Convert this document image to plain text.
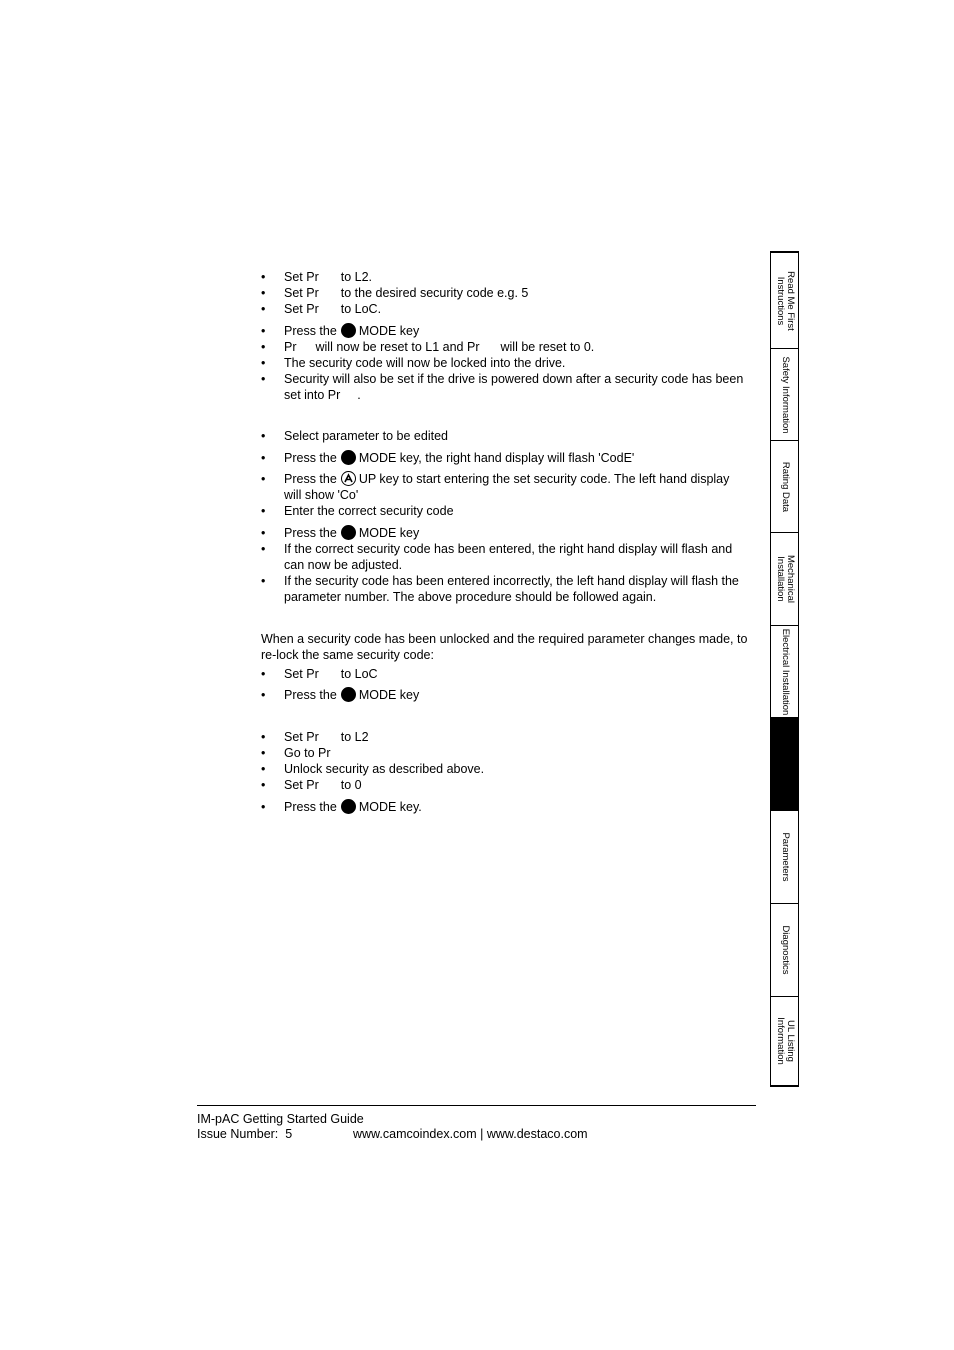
• Set Pr to L2.
• Set Pr to the desired security code e.g. 5
• Set Pr to LoC.
• Press the MODE key
• Pr will now be reset to L1 and Pr will be reset to 0.
• The security code will now be locked into the drive.
• Security will also be set if the drive is powered down after a security code has been
set into Pr .
• Select parameter to be edited
• Press the MODE key, the right hand display will flash 'CodE'
• Press the UP key to start entering the set security code. The left hand display
will show 'Co'
• Enter the correct security code
• Press the MODE key
• If the correct security code has been entered, the right hand display will flash and
can now be adjusted.
• If the security code has been entered incorrectly, the left hand display will flash the
parameter number. The above procedure should be followed again.
When a security code has been unlocked and the required parameter changes made, to
re-lock the same security code:
• Set Pr to LoC
• Press the MODE key
• Set Pr to L2
• Go to Pr
• Unlock security as described above.
• Set Pr to 0
• Press the MODE key.
Read Me First
Instructions
Safety Information
Rating Data
Mechanical
Installation
Electrical Installation
Parameters
Diagnostics
UL Listing
Information
IM-pAC Getting Started Guide
Issue Number:  5	www.camcoindex.com | www.destaco.com
